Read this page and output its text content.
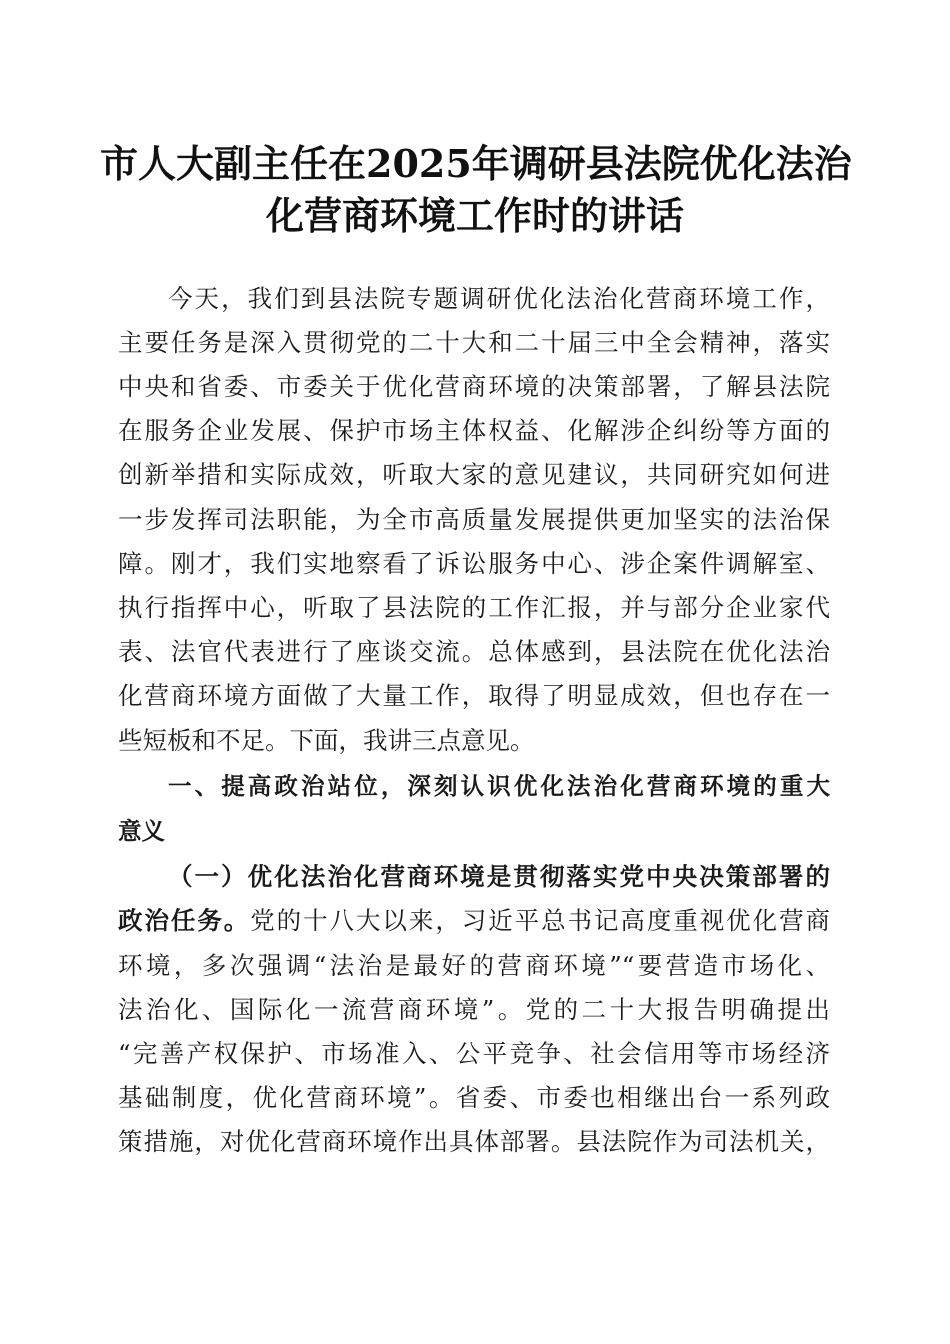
市人大副主任在2025年调研县法院优化法治
化营商环境工作时的讲话
今天，我们到县法院专题调研优化法治化营商环境工作，
主要任务是深入贯彻党的二十大和二十届三中全会精神，落实
中央和省委、市委关于优化营商环境的决策部署，了解县法院
在服务企业发展、保护市场主体权益、化解涉企纠纷等方面的
创新举措和实际成效，听取大家的意见建议，共同研究如何进
一步发挥司法职能，为全市高质量发展提供更加坚实的法治保
障。刚才，我们实地察看了诉讼服务中心、涉企案件调解室、
执行指挥中心，听取了县法院的工作汇报，并与部分企业家代
表、法官代表进行了座谈交流。总体感到，县法院在优化法治
化营商环境方面做了大量工作，取得了明显成效，但也存在一
些短板和不足。下面，我讲三点意见。
一、提高政治站位，深刻认识优化法治化营商环境的重大
意义
（一）优化法治化营商环境是贯彻落实党中央决策部署的
政治任务。党的十八大以来，习近平总书记高度重视优化营商
环境，多次强调“法治是最好的营商环境”“要营造市场化、
法治化、国际化一流营商环境”。党的二十大报告明确提出
“完善产权保护、市场准入、公平竞争、社会信用等市场经济
基础制度，优化营商环境”。省委、市委也相继出台一系列政
策措施，对优化营商环境作出具体部署。县法院作为司法机关，
